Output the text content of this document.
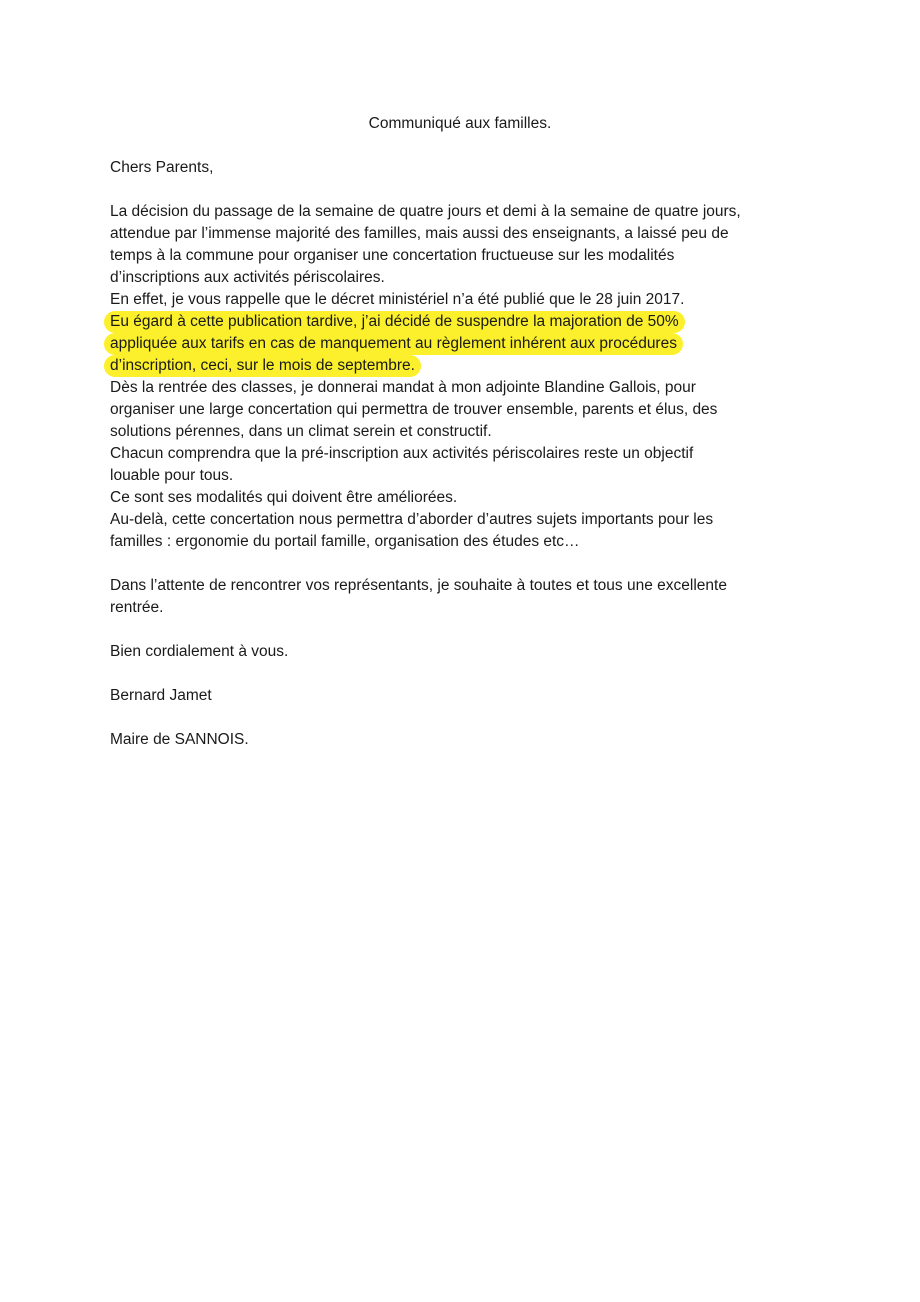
Communiqué aux familles.
Chers Parents,
La décision du passage de la semaine de quatre jours et demi à la semaine de quatre jours,
attendue par l’immense majorité des familles, mais aussi des enseignants, a laissé peu de
temps à la commune pour organiser une concertation fructueuse sur les modalités
d’inscriptions aux activités périscolaires.
En effet, je vous rappelle que le décret ministériel n’a été publié que le 28 juin 2017.
Eu égard à cette publication tardive, j’ai décidé de suspendre la majoration de 50%
appliquée aux tarifs en cas de manquement au règlement inhérent aux procédures
d’inscription, ceci, sur le mois de septembre.
Dès la rentrée des classes, je donnerai mandat à mon adjointe Blandine Gallois, pour
organiser une large concertation qui permettra de trouver ensemble, parents et élus, des
solutions pérennes, dans un climat serein et constructif.
Chacun comprendra que la pré-inscription aux activités périscolaires reste un objectif
louable pour tous.
Ce sont ses modalités qui doivent être améliorées.
Au-delà, cette concertation nous permettra d’aborder d’autres sujets importants pour les
familles : ergonomie du portail famille, organisation des études etc…
Dans l’attente de rencontrer vos représentants, je souhaite à toutes et tous une excellente
rentrée.
Bien cordialement à vous.
Bernard Jamet
Maire de SANNOIS.
